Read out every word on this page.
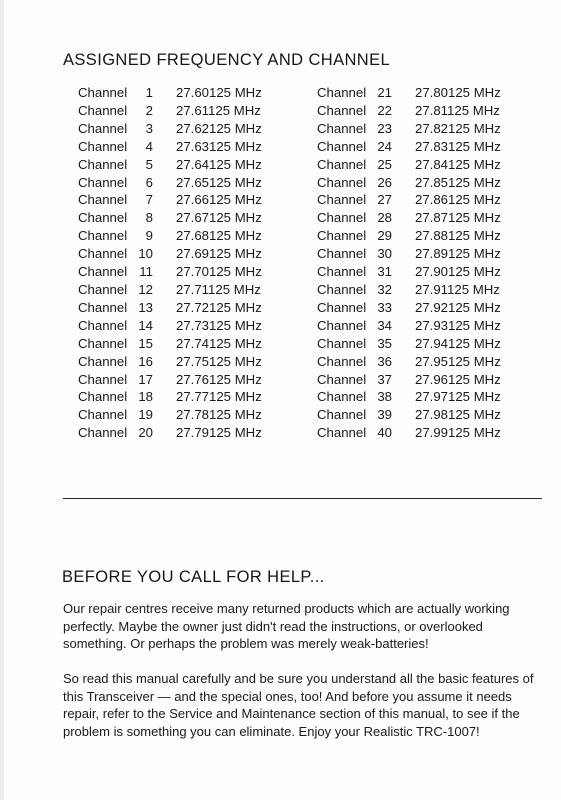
ASSIGNED FREQUENCY AND CHANNEL
Channel	1		27.60125 MHz
Channel	2		27.61125 MHz
Channel	3		27.62125 MHz
Channel	4		27.63125 MHz
Channel	5		27.64125 MHz
Channel	6		27.65125 MHz
Channel	7		27.66125 MHz
Channel	8		27.67125 MHz
Channel	9		27.68125 MHz
Channel	10		27.69125 MHz
Channel	11		27.70125 MHz
Channel	12		27.71125 MHz
Channel	13		27.72125 MHz
Channel	14		27.73125 MHz
Channel	15		27.74125 MHz
Channel	16		27.75125 MHz
Channel	17		27.76125 MHz
Channel	18		27.77125 MHz
Channel	19		27.78125 MHz
Channel	20		27.79125 MHz
Channel	21		27.80125 MHz
Channel	22		27.81125 MHz
Channel	23		27.82125 MHz
Channel	24		27.83125 MHz
Channel	25		27.84125 MHz
Channel	26		27.85125 MHz
Channel	27		27.86125 MHz
Channel	28		27.87125 MHz
Channel	29		27.88125 MHz
Channel	30		27.89125 MHz
Channel	31		27.90125 MHz
Channel	32		27.91125 MHz
Channel	33		27.92125 MHz
Channel	34		27.93125 MHz
Channel	35		27.94125 MHz
Channel	36		27.95125 MHz
Channel	37		27.96125 MHz
Channel	38		27.97125 MHz
Channel	39		27.98125 MHz
Channel	40		27.99125 MHz
BEFORE YOU CALL FOR HELP...

Our repair centres receive many returned products which are actually working perfectly. Maybe the owner just didn't read the instructions, or overlooked something. Or perhaps the problem was merely weak-batteries!

So read this manual carefully and be sure you understand all the basic features of this Transceiver — and the special ones, too! And before you assume it needs repair, refer to the Service and Maintenance section of this manual, to see if the problem is something you can eliminate. Enjoy your Realistic TRC-1007!
